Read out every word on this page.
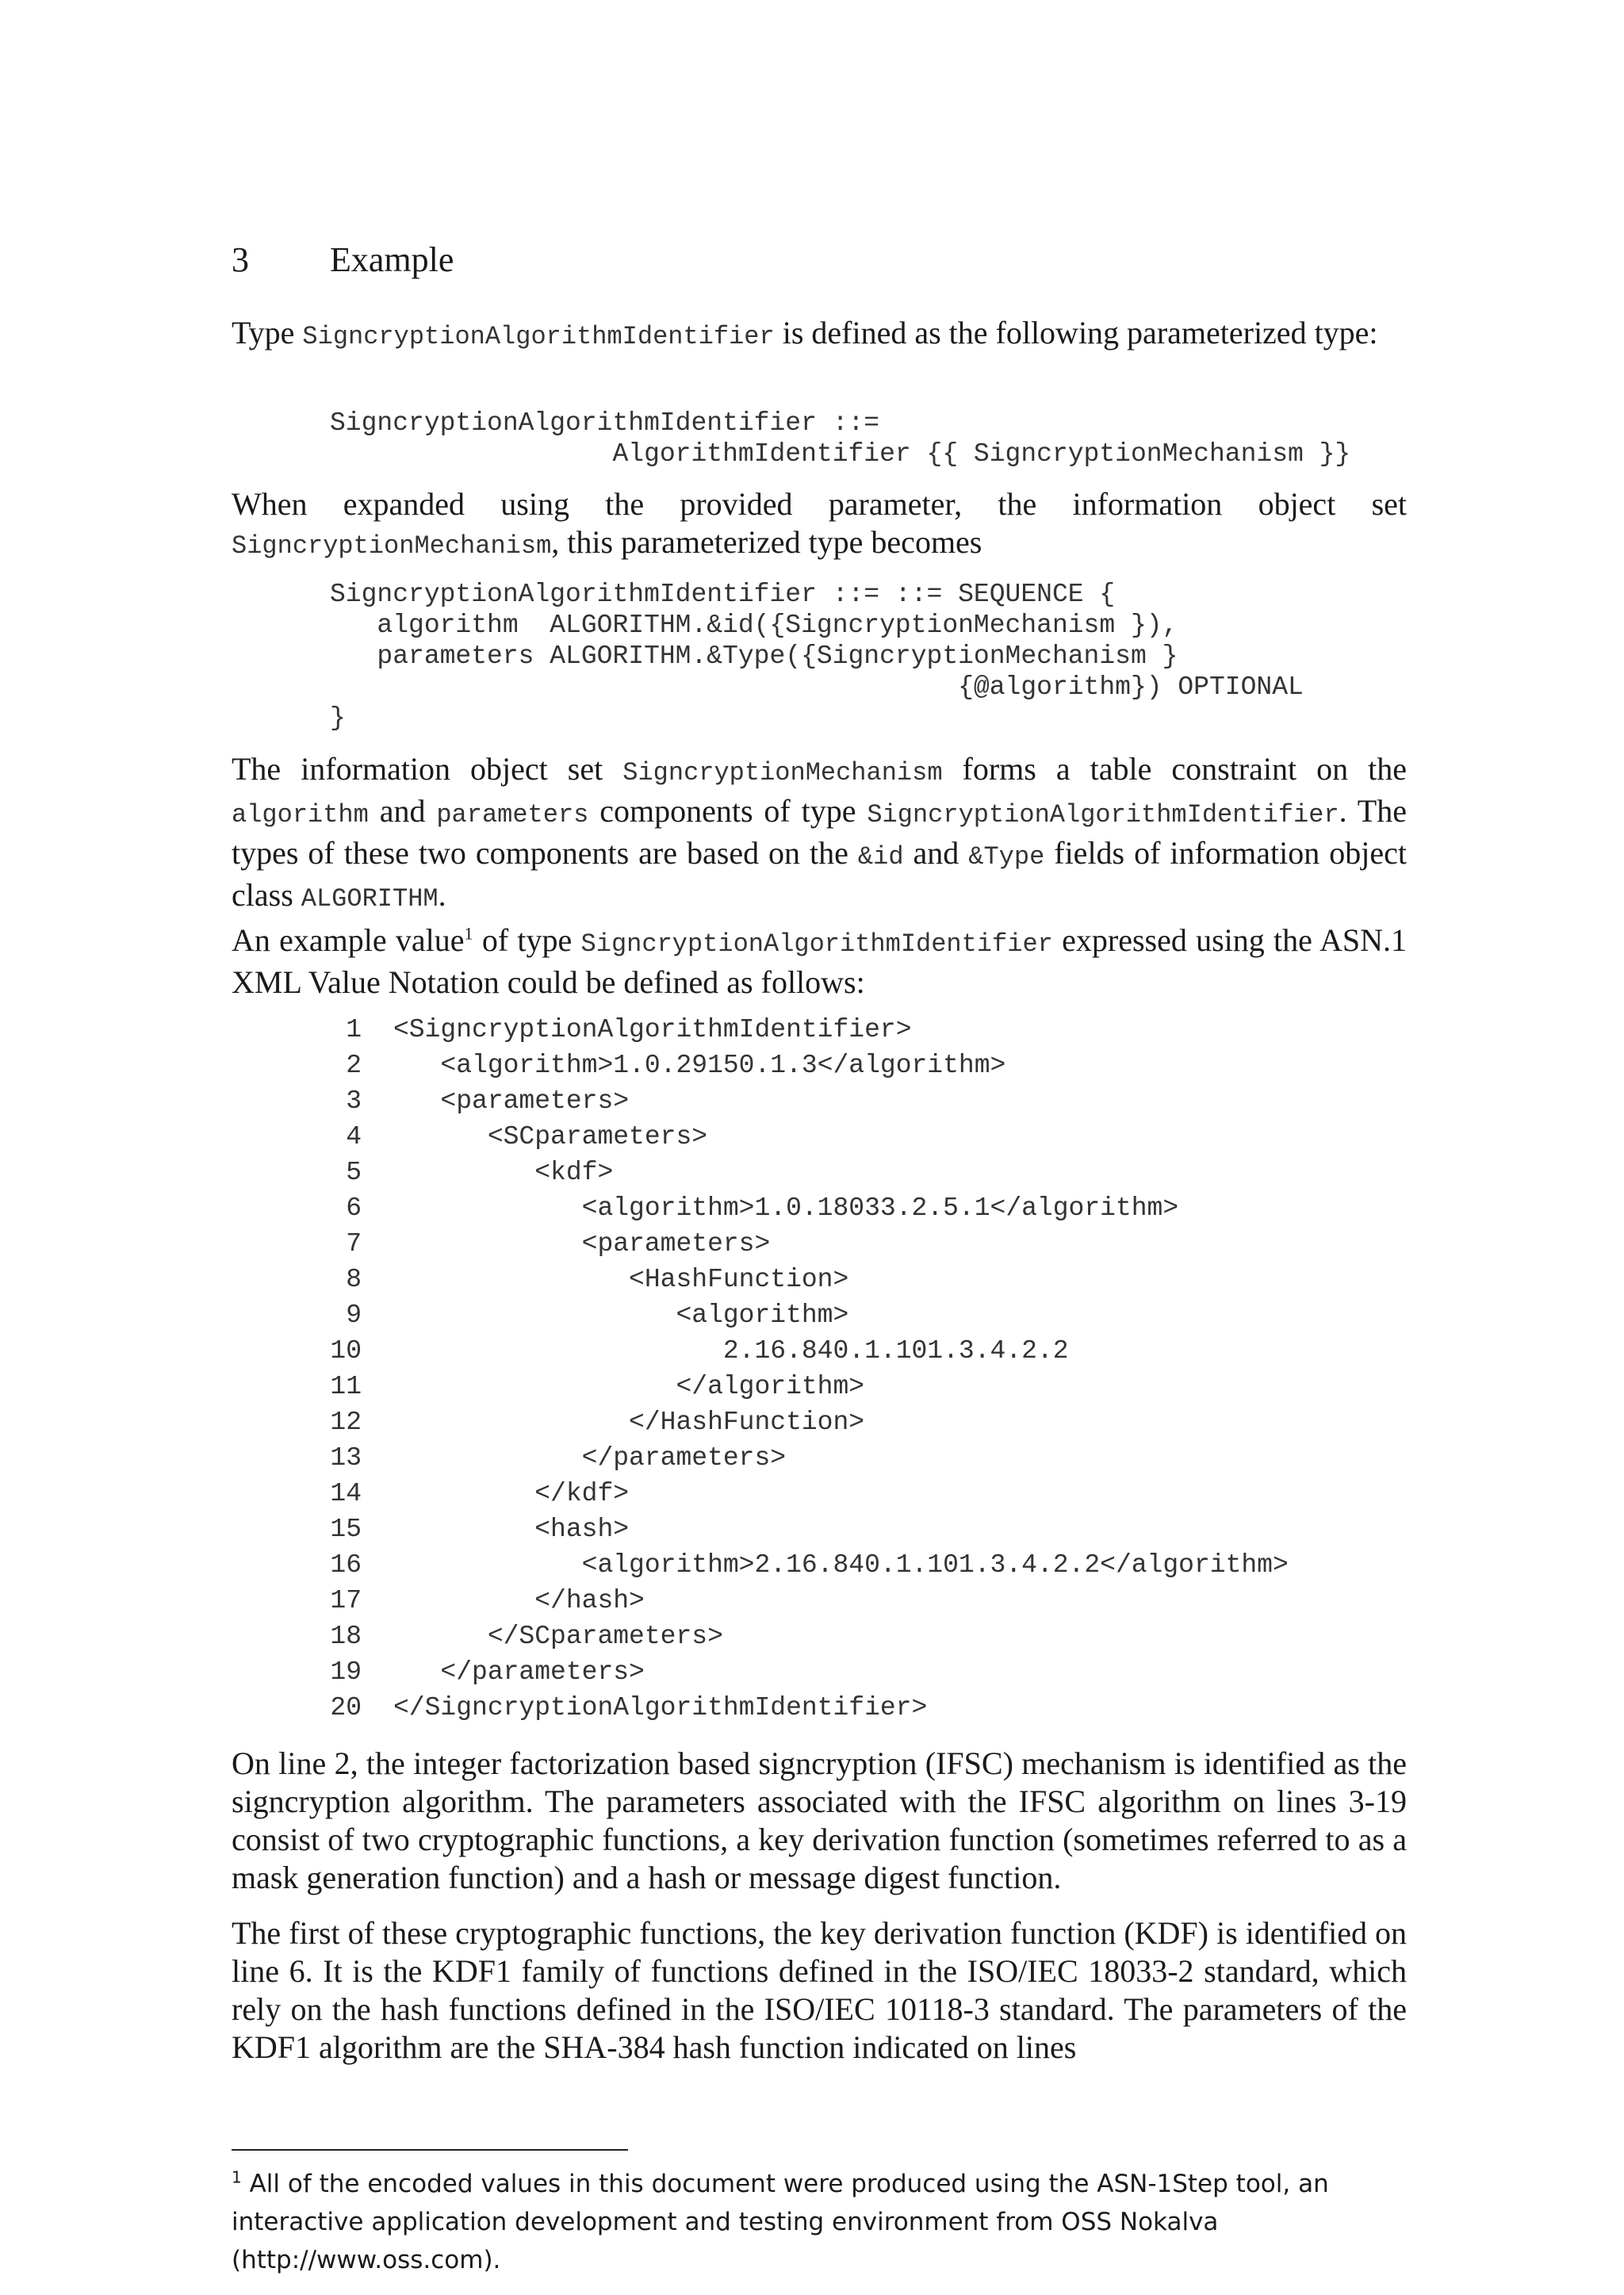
3 Example
Type SigncryptionAlgorithmIdentifier is defined as the following parameterized type:
SigncryptionAlgorithmIdentifier ::=
AlgorithmIdentifier {{ SigncryptionMechanism }}
When expanded using the provided parameter, the information object set SigncryptionMechanism, this parameterized type becomes
SigncryptionAlgorithmIdentifier ::= ::= SEQUENCE {
algorithm  ALGORITHM.&id({SigncryptionMechanism }),
parameters ALGORITHM.&Type({SigncryptionMechanism }
{@algorithm}) OPTIONAL
}
The information object set SigncryptionMechanism forms a table constraint on the algorithm and parameters components of type SigncryptionAlgorithmIdentifier. The types of these two components are based on the &id and &Type fields of information object class ALGORITHM.
An example value$^1$ of type SigncryptionAlgorithmIdentifier expressed using the ASN.1 XML Value Notation could be defined as follows:
1 <SigncryptionAlgorithmIdentifier>
2   <algorithm>1.0.29150.1.3</algorithm>
3   <parameters>
4      <SCparameters>
5         <kdf>
6            <algorithm>1.0.18033.2.5.1</algorithm>
7            <parameters>
8               <HashFunction>
9                  <algorithm>
10                     2.16.840.1.101.3.4.2.2
11                  </algorithm>
12               </HashFunction>
13            </parameters>
14         </kdf>
15         <hash>
16            <algorithm>2.16.840.1.101.3.4.2.2</algorithm>
17         </hash>
18      </SCparameters>
19   </parameters>
20 </SigncryptionAlgorithmIdentifier>
On line 2, the integer factorization based signcryption (IFSC) mechanism is identified as the signcryption algorithm. The parameters associated with the IFSC algorithm on lines 3-19 consist of two cryptographic functions, a key derivation function (sometimes referred to as a mask generation function) and a hash or message digest function.
The first of these cryptographic functions, the key derivation function (KDF) is identified on line 6. It is the KDF1 family of functions defined in the ISO/IEC 18033-2 standard, which rely on the hash functions defined in the ISO/IEC 10118-3 standard. The parameters of the KDF1 algorithm are the SHA-384 hash function indicated on lines
$^1$ All of the encoded values in this document were produced using the ASN-1Step tool, an interactive application development and testing environment from OSS Nokalva (http://www.oss.com).
